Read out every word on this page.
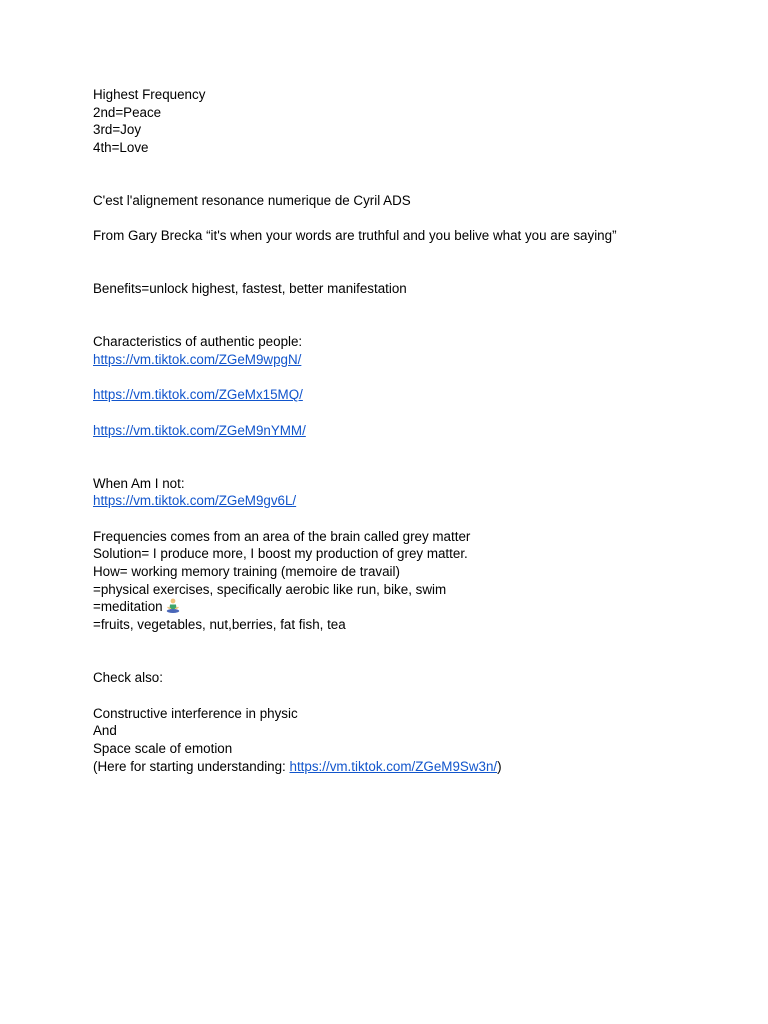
Highest Frequency
2nd=Peace
3rd=Joy
4th=Love
C'est l'alignement resonance numerique de Cyril ADS
From Gary Brecka “it's when your words are truthful and you belive what you are saying”
Benefits=unlock highest, fastest, better manifestation
Characteristics of authentic people:
https://vm.tiktok.com/ZGeM9wpgN/
https://vm.tiktok.com/ZGeMx15MQ/
https://vm.tiktok.com/ZGeM9nYMM/
When Am I not:
https://vm.tiktok.com/ZGeM9gv6L/
Frequencies comes from an area of the brain called grey matter
Solution= I produce more, I boost my production of grey matter.
How= working memory training (memoire de travail)
=physical exercises, specifically aerobic like run, bike, swim
=meditation
=fruits, vegetables, nut,berries, fat fish, tea
Check also:
Constructive interference in physic
And
Space scale of emotion
(Here for starting understanding: https://vm.tiktok.com/ZGeM9Sw3n/)
